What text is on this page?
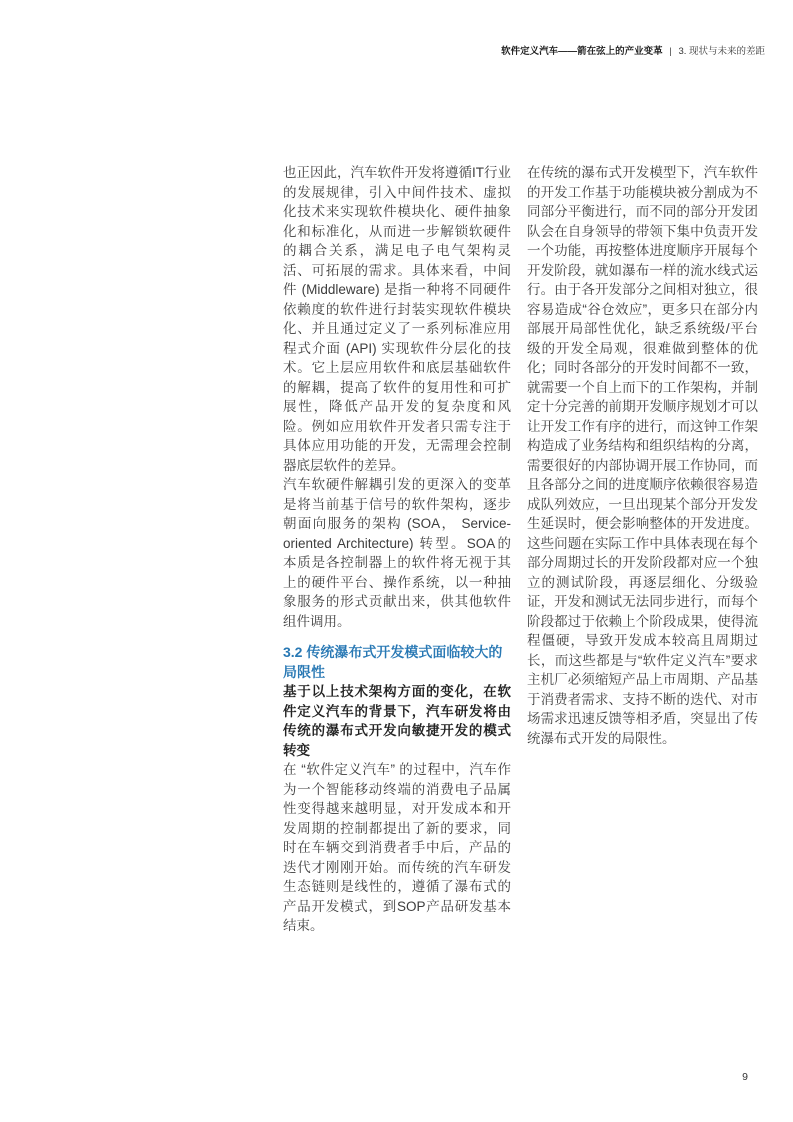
软件定义汽车——箭在弦上的产业变革 | 3. 现状与未来的差距

也正因此，汽车软件开发将遵循IT行业的发展规律，引入中间件技术、虚拟化技术来实现软件模块化、硬件抽象化和标准化，从而进一步解锁软硬件的耦合关系，满足电子电气架构灵活、可拓展的需求。具体来看，中间件 (Middleware) 是指一种将不同硬件依赖度的软件进行封装实现软件模块化、并且通过定义了一系列标准应用程式介面 (API) 实现软件分层化的技术。它上层应用软件和底层基础软件的解耦，提高了软件的复用性和可扩展性，降低产品开发的复杂度和风险。例如应用软件开发者只需专注于具体应用功能的开发，无需理会控制器底层软件的差异。

汽车软硬件解耦引发的更深入的变革是将当前基于信号的软件架构，逐步朝面向服务的架构 (SOA， Service-oriented Architecture) 转型。SOA的本质是各控制器上的软件将无视于其上的硬件平台、操作系统，以一种抽象服务的形式贡献出来，供其他软件组件调用。

3.2 传统瀑布式开发模式面临较大的局限性

基于以上技术架构方面的变化，在软件定义汽车的背景下，汽车研发将由传统的瀑布式开发向敏捷开发的模式转变

在 “软件定义汽车” 的过程中，汽车作为一个智能移动终端的消费电子品属性变得越来越明显，对开发成本和开发周期的控制都提出了新的要求，同时在车辆交到消费者手中后，产品的迭代才刚刚开始。而传统的汽车研发生态链则是线性的，遵循了瀑布式的产品开发模式，到SOP产品研发基本结束。

在传统的瀑布式开发模型下，汽车软件的开发工作基于功能模块被分割成为不同部分平衡进行，而不同的部分开发团队会在自身领导的带领下集中负责开发一个功能，再按整体进度顺序开展每个开发阶段，就如瀑布一样的流水线式运行。由于各开发部分之间相对独立，很容易造成“谷仓效应”，更多只在部分内部展开局部性优化，缺乏系统级/平台级的开发全局观，很难做到整体的优化；同时各部分的开发时间都不一致，就需要一个自上而下的工作架构，并制定十分完善的前期开发顺序规划才可以让开发工作有序的进行，而这钟工作架构造成了业务结构和组织结构的分离，需要很好的内部协调开展工作协同，而且各部分之间的进度顺序依赖很容易造成队列效应，一旦出现某个部分开发发生延误时，便会影响整体的开发进度。这些问题在实际工作中具体表现在每个部分周期过长的开发阶段都对应一个独立的测试阶段，再逐层细化、分级验证，开发和测试无法同步进行，而每个阶段都过于依赖上个阶段成果，使得流程僵硬，导致开发成本较高且周期过长，而这些都是与“软件定义汽车”要求主机厂必须缩短产品上市周期、产品基于消费者需求、支持不断的迭代、对市场需求迅速反馈等相矛盾，突显出了传统瀑布式开发的局限性。

9
